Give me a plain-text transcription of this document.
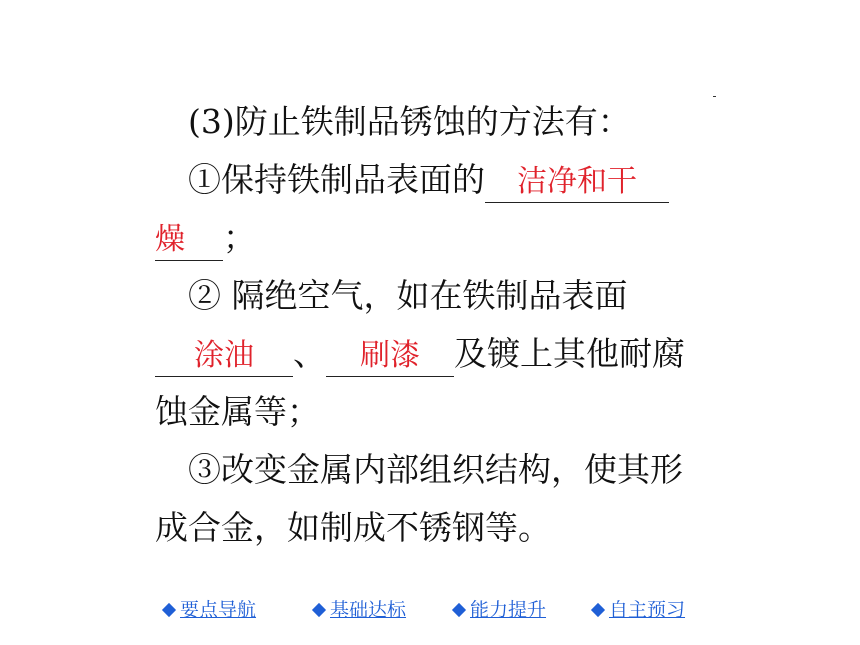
(3)防止铁制品锈蚀的方法有：
①保持铁制品表面的 洁净和干
燥 ；
② 隔绝空气，如在铁制品表面
涂油 、 刷漆 及镀上其他耐腐
蚀金属等；
③改变金属内部组织结构，使其形
成合金，如制成不锈钢等。
要点导航	基础达标	能力提升	自主预习
